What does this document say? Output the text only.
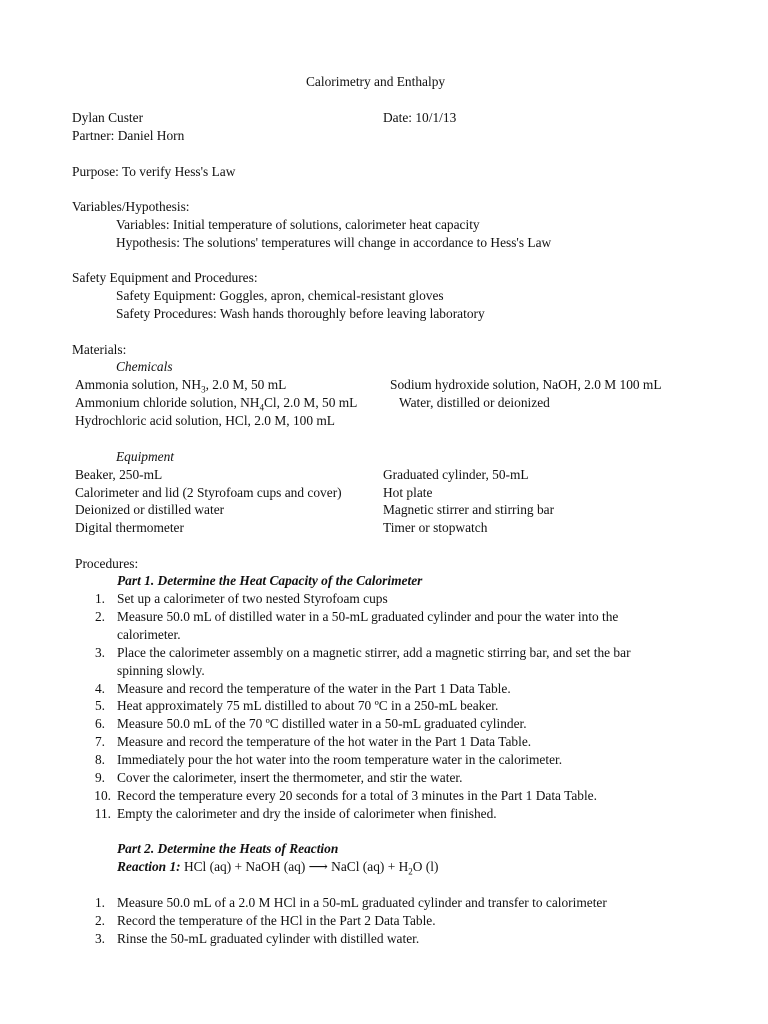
Calorimetry and Enthalpy
Dylan Custer	Date: 10/1/13
Partner: Daniel Horn
Purpose: To verify Hess's Law
Variables/Hypothesis:
Variables: Initial temperature of solutions, calorimeter heat capacity
Hypothesis: The solutions' temperatures will change in accordance to Hess's Law
Safety Equipment and Procedures:
Safety Equipment: Goggles, apron, chemical-resistant gloves
Safety Procedures: Wash hands thoroughly before leaving laboratory
Materials:
Chemicals
Ammonia solution, $NH_3$, 2.0 M, 50 mL	Sodium hydroxide solution, NaOH, 2.0 M 100 mL
Ammonium chloride solution, $NH_4Cl$, 2.0 M, 50 mL	Water, distilled or deionized
Hydrochloric acid solution, HCl, 2.0 M, 100 mL
Equipment
Beaker, 250-mL	Graduated cylinder, 50-mL
Calorimeter and lid (2 Styrofoam cups and cover)	Hot plate
Deionized or distilled water	Magnetic stirrer and stirring bar
Digital thermometer	Timer or stopwatch
Procedures:
Part 1. Determine the Heat Capacity of the Calorimeter
1. Set up a calorimeter of two nested Styrofoam cups
2. Measure 50.0 mL of distilled water in a 50-mL graduated cylinder and pour the water into the
calorimeter.
3. Place the calorimeter assembly on a magnetic stirrer, add a magnetic stirring bar, and set the bar
spinning slowly.
4. Measure and record the temperature of the water in the Part 1 Data Table.
5. Heat approximately 75 mL distilled to about 70 ºC in a 250-mL beaker.
6. Measure 50.0 mL of the 70 ºC distilled water in a 50-mL graduated cylinder.
7. Measure and record the temperature of the hot water in the Part 1 Data Table.
8. Immediately pour the hot water into the room temperature water in the calorimeter.
9. Cover the calorimeter, insert the thermometer, and stir the water.
10. Record the temperature every 20 seconds for a total of 3 minutes in the Part 1 Data Table.
11. Empty the calorimeter and dry the inside of calorimeter when finished.
Part 2. Determine the Heats of Reaction
Reaction 1: HCl (aq) + NaOH (aq) ⟶ NaCl $(aq) + H_2O$ (l)
1. Measure 50.0 mL of a 2.0 M HCl in a 50-mL graduated cylinder and transfer to calorimeter
2. Record the temperature of the HCl in the Part 2 Data Table.
3. Rinse the 50-mL graduated cylinder with distilled water.
